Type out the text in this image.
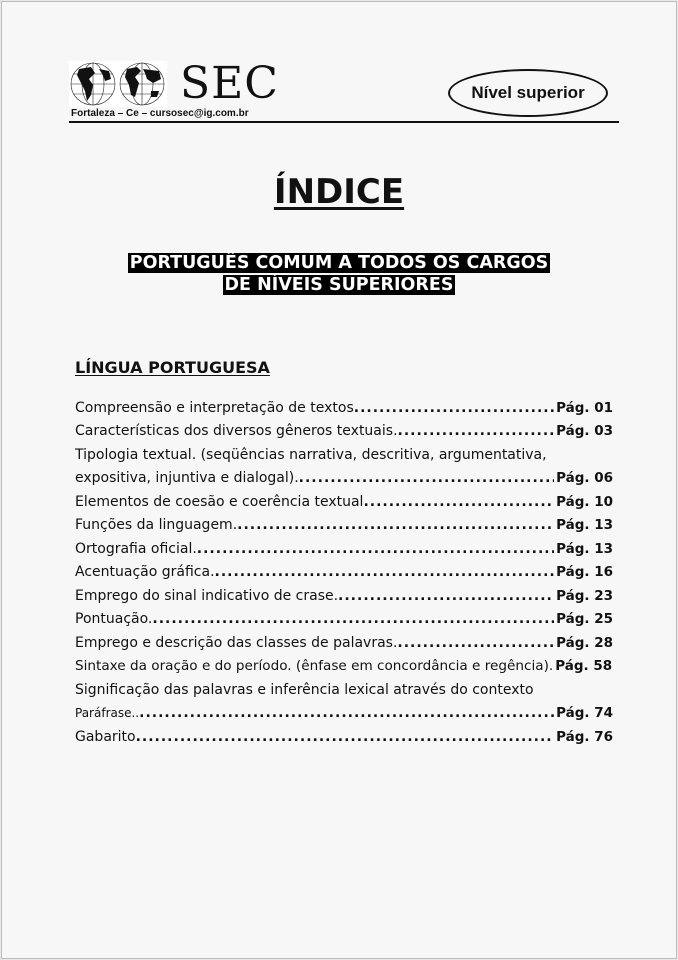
SEC
Fortaleza – Ce – cursosec@ig.com.br
Nível superior
ÍNDICE
PORTUGUÊS COMUM A TODOS OS CARGOS
DE NÍVEIS SUPERIORES
LÍNGUA PORTUGUESA
Compreensão e interpretação de textos .....	Pág. 01
Características dos diversos gêneros textuais. .....	Pág. 03
Tipologia textual. (seqüências narrativa, descritiva, argumentativa,
expositiva, injuntiva e dialogal). .....	Pág. 06
Elementos de coesão e coerência textual .....	Pág. 10
Funções da linguagem. .....	Pág. 13
Ortografia oficial. .....	Pág. 13
Acentuação gráfica. .....	Pág. 16
Emprego do sinal indicativo de crase. .....	Pág. 23
Pontuação. .....	Pág. 25
Emprego e descrição das classes de palavras. .....	Pág. 28
Sintaxe da oração e do período. (ênfase em concordância e regência). Pág. 58
Significação das palavras e inferência lexical através do contexto
Paráfrase.. .....	Pág. 74
Gabarito .....	Pág. 76
